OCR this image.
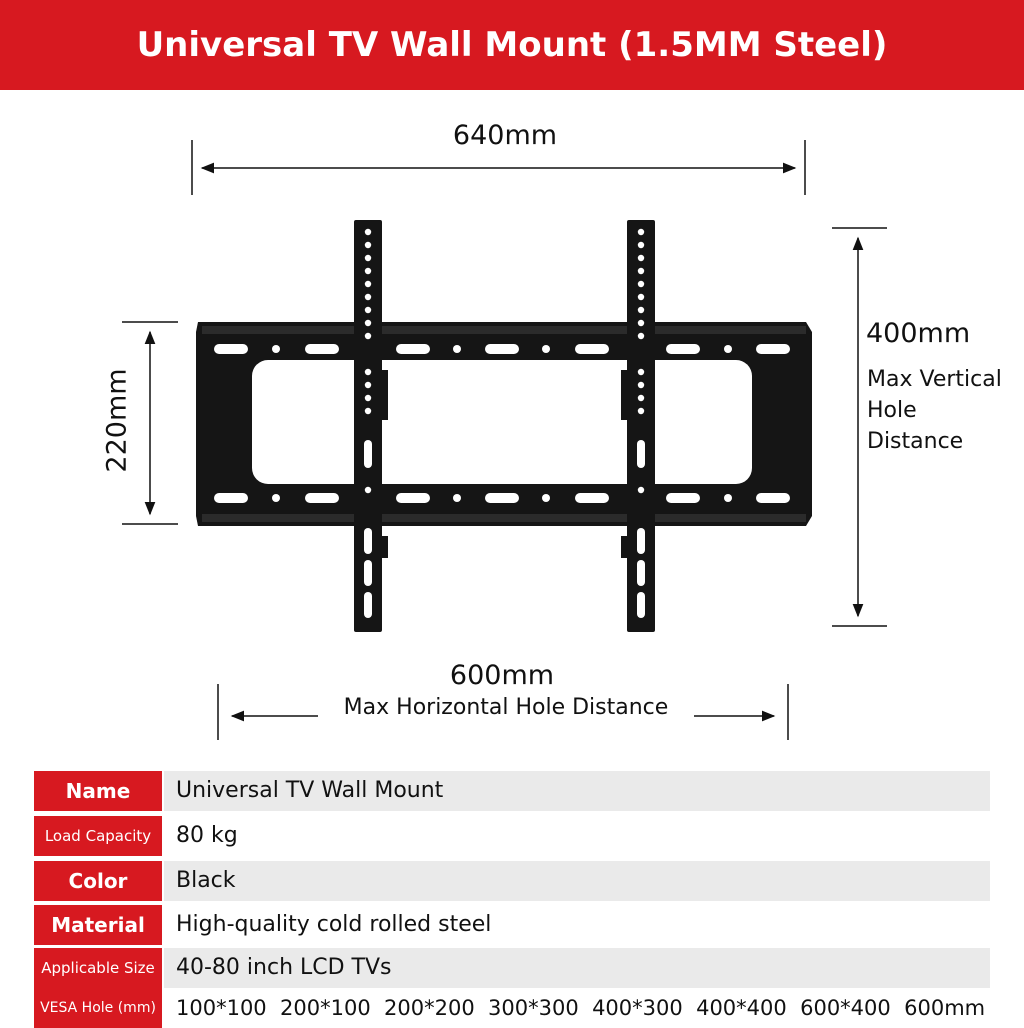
Universal TV Wall Mount (1.5MM Steel)
640mm
220mm
400mm
Max Vertical Hole Distance
600mm
Max Horizontal Hole Distance
Name	Universal TV Wall Mount
Load Capacity	80 kg
Color	Black
Material	High-quality cold rolled steel
Applicable Size 40-80 inch LCD TVs
VESA Hole (mm) 100*100  200*100  200*200  300*300  400*300  400*400  600*400  600mm
